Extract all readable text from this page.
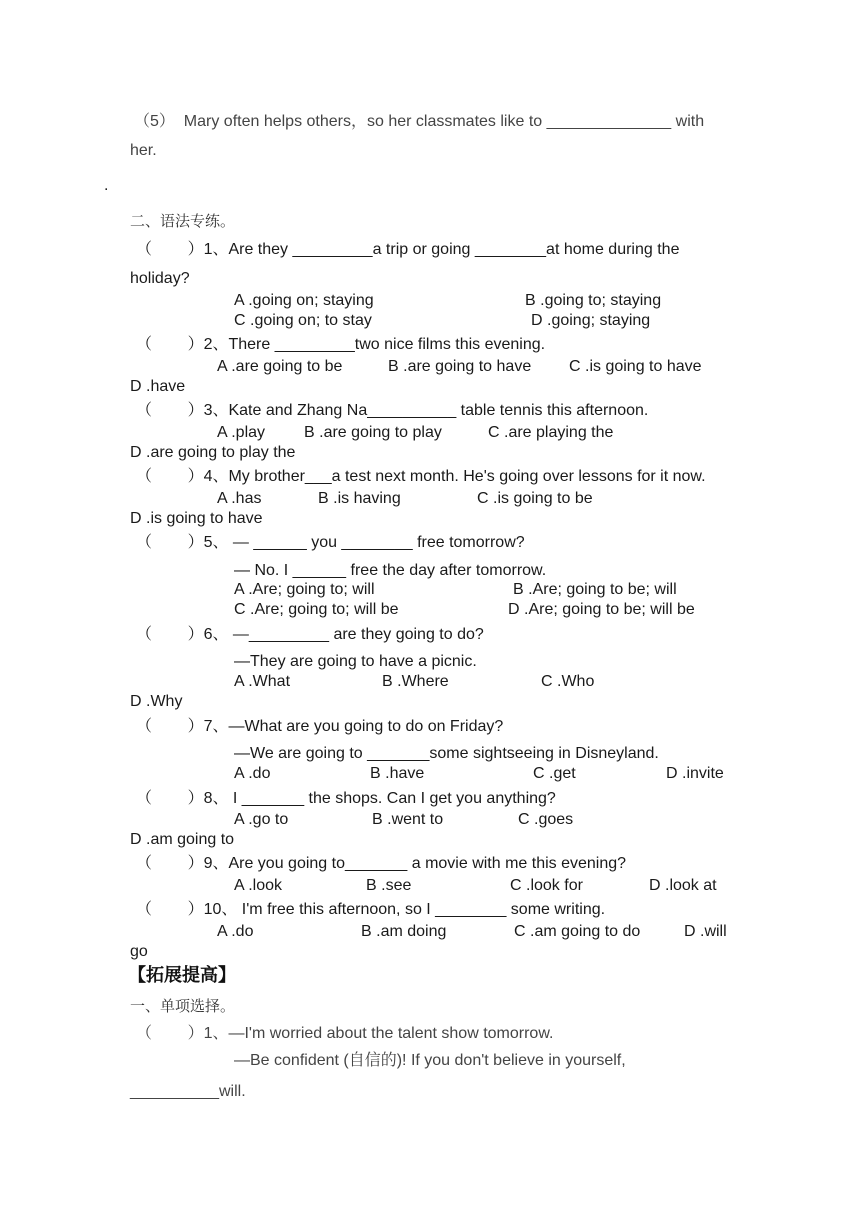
（5）  Mary often helps others，so her classmates like to ______________ with
her.
.
二、语法专练。
（        ）1、Are they _________a trip or going ________at home during the
holiday?
A .going on; staying	B .going to; staying
C .going on; to stay	D .going; staying
（        ）2、There _________two nice films this evening.
A .are going to be	B .are going to have C .is going to have
D .have
（        ）3、Kate and Zhang Na__________ table tennis this afternoon.
A .play B .are going to play	C .are playing the
D .are going to play the
（        ）4、My brother___a test next month. He's going over lessons for it now.
A .has	B .is having	C .is going to be
D .is going to have
（        ）5、 — ______ you ________ free tomorrow?
— No. I ______ free the day after tomorrow.
A .Are; going to; will	B .Are; going to be; will
C .Are; going to; will be	D .Are; going to be; will be
（        ）6、 —_________ are they going to do?
—They are going to have a picnic.
A .What	B .Where	C .Who
D .Why
（        ）7、—What are you going to do on Friday?
—We are going to _______some sightseeing in Disneyland.
A .do	B .have	C .get	D .invite
（        ）8、 I _______ the shops. Can I get you anything?
A .go to	B .went to	C .goes
D .am going to
（        ）9、Are you going to_______ a movie with me this evening?
A .look	B .see	C .look for	D .look at
（        ）10、 I'm free this afternoon, so I ________ some writing.
A .do	B .am doing	C .am going to do	D .will
go
【拓展提高】
一、单项选择。
（        ）1、—I'm worried about the talent show tomorrow.
—Be confident (自信的)! If you don't believe in yourself,
__________will.
